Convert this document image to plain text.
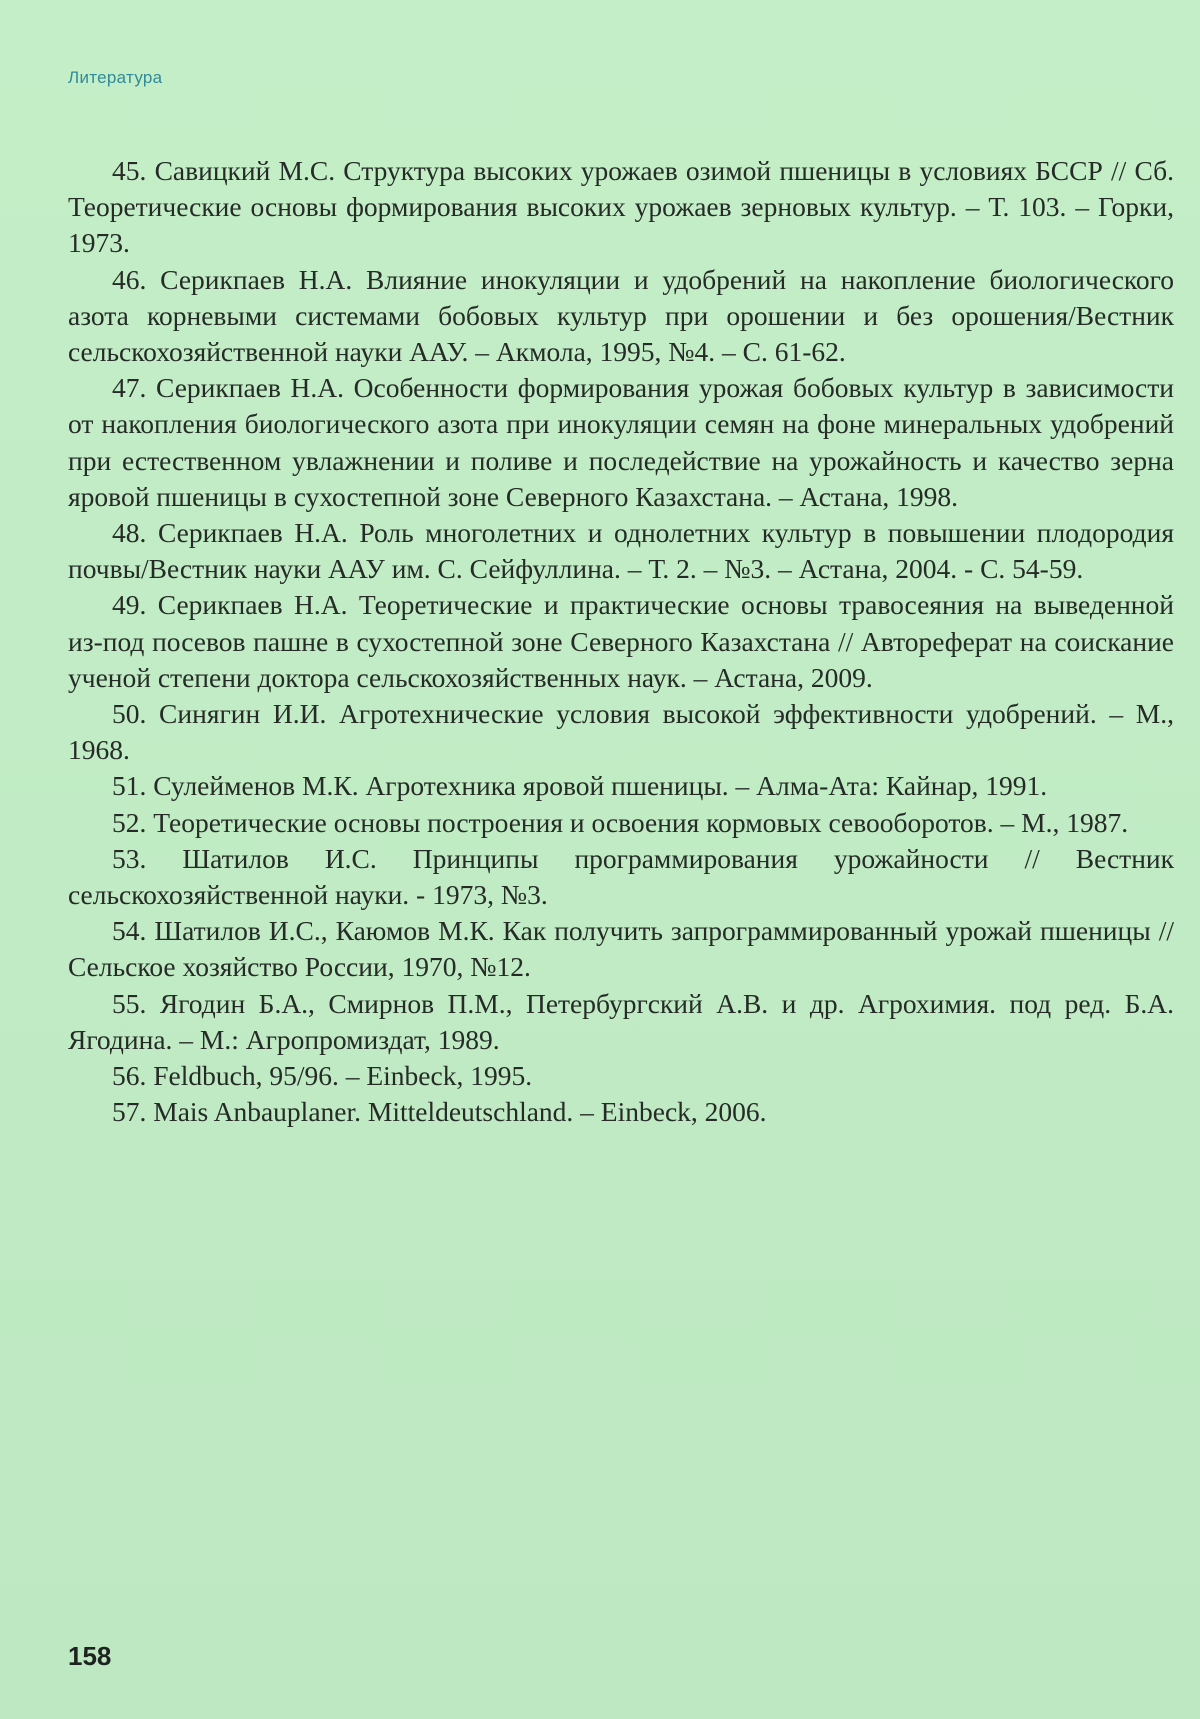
Литература
45. Савицкий М.С. Структура высоких урожаев озимой пшеницы в условиях БССР // Сб. Теоретические основы формирования высоких урожаев зерновых культур. – Т. 103. – Горки, 1973.
46. Серикпаев Н.А. Влияние инокуляции и удобрений на накопление биологического азота корневыми системами бобовых культур при орошении и без орошения/Вестник сельскохозяйственной науки ААУ. – Акмола, 1995, №4. – С. 61-62.
47. Серикпаев Н.А. Особенности формирования урожая бобовых культур в зависимости от накопления биологического азота при инокуляции семян на фоне минеральных удобрений при естественном увлажнении и поливе и последействие на урожайность и качество зерна яровой пшеницы в сухостепной зоне Северного Казахстана. – Астана, 1998.
48. Серикпаев Н.А. Роль многолетних и однолетних культур в повышении плодородия почвы/Вестник науки ААУ им. С. Сейфуллина. – Т. 2. – №3. – Астана, 2004. - С. 54-59.
49. Серикпаев Н.А. Теоретические и практические основы травосеяния на выведенной из-под посевов пашне в сухостепной зоне Северного Казахстана // Автореферат на соискание ученой степени доктора сельскохозяйственных наук. – Астана, 2009.
50. Синягин И.И. Агротехнические условия высокой эффективности удобрений. – М., 1968.
51. Сулейменов М.К. Агротехника яровой пшеницы. – Алма-Ата: Кайнар, 1991.
52. Теоретические основы построения и освоения кормовых севооборотов. – М., 1987.
53. Шатилов И.С. Принципы программирования урожайности // Вестник сельскохозяйственной науки. - 1973, №3.
54. Шатилов И.С., Каюмов М.К. Как получить запрограммированный урожай пшеницы // Сельское хозяйство России, 1970, №12.
55. Ягодин Б.А., Смирнов П.М., Петербургский А.В. и др. Агрохимия. под ред. Б.А. Ягодина. – М.: Агропромиздат, 1989.
56. Feldbuch, 95/96. – Einbeck, 1995.
57. Mais Anbauplaner. Mitteldeutschland. – Einbeck, 2006.
158
